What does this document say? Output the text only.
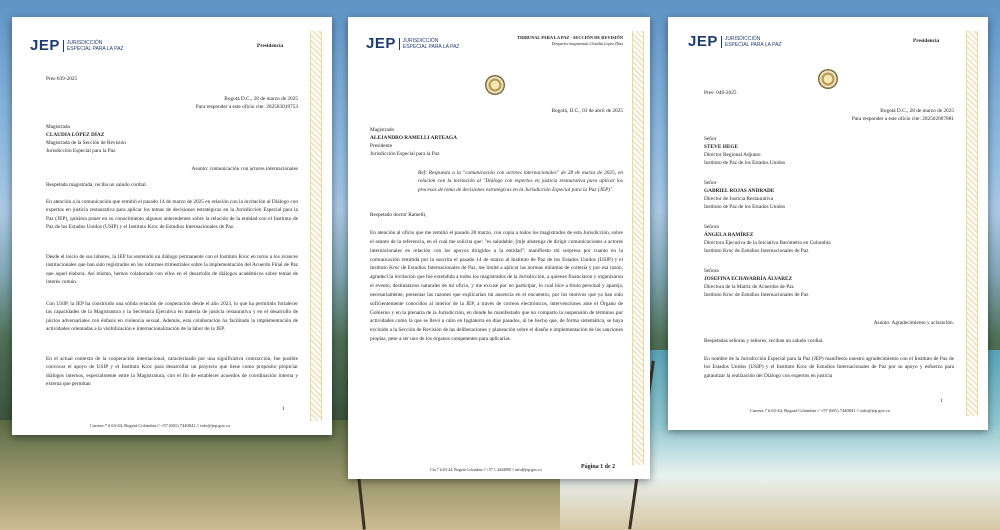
JEP	JURISDICCIÓN
ESPECIAL PARA LA PAZ	Presidencia
Pres-039-2025
Bogotá D.C., 28 de marzo de 2025
Para responder a este oficio cite: 202503018753
Magistrada
CLAUDIA LÓPEZ DÍAZ
Magistrada de la Sección de Revisión
Jurisdicción Especial para la Paz
Asunto: comunicación con actores internacionales
Respetada magistrada, reciba un saludo cordial.
En atención a la comunicación que remitió el pasado 14 de marzo de 2025 en relación con la invitación al Diálogo con expertos en justicia restaurativa para aplicar los temas de decisiones estratégicas en la Jurisdicción Especial para la Paz (JEP), quisiera poner en su conocimiento algunos antecedentes sobre la relación de la entidad con el Instituto de Paz de los Estados Unidos (USIP) y el Instituto Kroc de Estudios Internacionales de Paz.
Desde el inicio de sus labores, la JEP ha sostenido un diálogo permanente con el Instituto Kroc en torno a los avances institucionales que han sido registrados en los informes trimestrales sobre la implementación del Acuerdo Final de Paz que aquel elabora. Así mismo, hemos colaborado con ellos en el desarrollo de diálogos académicos sobre temas de interés común.
Con USIP, la JEP ha construido una sólida relación de cooperación desde el año 2023, lo que ha permitido fortalecer las capacidades de la Magistratura y la Secretaría Ejecutiva en materia de justicia restaurativa y en el desarrollo de juicios adversariales con énfasis en violencia sexual. Además, esta colaboración ha facilitado la implementación de actividades orientadas a la visibilización e internacionalización de la labor de la JEP.
En el actual contexto de la cooperación internacional, caracterizado por una significativa contracción, fue posible convocar el apoyo de USIP y el Instituto Kroc para desarrollar un proyecto que tiene como propósito propiciar diálogos internos, especialmente entre la Magistratura, con el fin de establecer acuerdos de coordinación interna y externa que permitan
1
Carrera 7 # 63-44, Bogotá Colombia // +57 (601) 7440041 // info@jep.gov.co
JEP	JURISDICCIÓN
ESPECIAL PARA LA PAZ
TRIBUNAL PARA LA PAZ - SECCIÓN DE REVISIÓN
Despacho magistrada Claudia López Díaz
Bogotá, D.C., 03 de abril de 2025
Magistrado
ALEJANDRO RAMELLI ARTEAGA
Presidente
Jurisdicción Especial para la Paz
Ref: Respuesta a la "comunicación con actores internacionales" de 28 de marzo de 2025, en relación con la invitación al "Diálogo con expertos en justicia restaurativa para aplicar los procesos de toma de decisiones estratégicas en la Jurisdicción Especial para la Paz (JEP)".
Respetado doctor Ramelli,
En atención al oficio que me remitió el pasado 28 marzo, con copia a todos los magistrados de esta Jurisdicción, sobre el asunto de la referencia, en el cual me solicita que: "es saludable, [m]e abstenga de dirigir comunicaciones a actores internacionales en relación con los apoyos dirigidos a la entidad"; manifiesto mi sorpresa por cuanto en la comunicación remitida por la suscrita el pasado 14 de marzo al Instituto de Paz de los Estados Unidos (USIP) y el Instituto Kroc de Estudios Internacionales de Paz, me limité a aplicar las normas mínimas de cortesía y por esa razón, agradecí la invitación que fue extendida a todos los magistrados de la Jurisdicción, a quienes financiaron y organizaron el evento, destinatarios naturales de mi oficio, y me excusé por no participar, lo cual hice a título personal y apareja, necesariamente, presentar las razones que explicarían mi ausencia en el encuentro, por los motivos que ya han sido suficientemente conocidos al interior de la JEP, a través de correos electrónicos, intervenciones ante el Órgano de Gobierno y en la plenaria de la Jurisdicción, en donde he manifestado que no comparto la suspensión de términos por actividades como la que se llevó a cabo en Inglaterra en días pasados, ni he hecho que, de forma sistemática, se haya excluido a la Sección de Revisión de las deliberaciones y planeación sobre el diseño e implementación de las sanciones propias, pese a ser uno de los órganos competentes para aplicarlas.
Cra 7 # 63-44, Bogotá Colombia // +57 1 4444900 // info@jep.gov.co	Página 1 de 2
JEP	JURISDICCIÓN
ESPECIAL PARA LA PAZ
Presidencia
Bogotá D.C., 28 de marzo de 2025
Pres- 040-2025
Para responder a este oficio cite: 202502007881
Señor
STEVE HEGE
Director Regional Adjunto
Instituto de Paz de los Estados Unidos
Señor
GABRIEL ROJAS ANDRADE
Director de Justicia Restaurativa
Instituto de Paz de los Estados Unidos
Señora
ÁNGELA RAMÍREZ
Directora Ejecutiva de la Iniciativa Barómetro en Colombia
Instituto Kroc de Estudios Internacionales de Paz
Señora
JOSEFINA ECHAVARRÍA ÁLVAREZ
Directora de la Matriz de Acuerdos de Paz
Instituto Kroc de Estudios Internacionales de Paz
Asunto: Agradecimiento y aclaración.
Respetadas señoras y señores, reciban un saludo cordial.
En nombre de la Jurisdicción Especial para la Paz (JEP) manifiesto nuestro agradecimiento con el Instituto de Paz de los Estados Unidos (USIP) y el Instituto Kroc de Estudios Internacionales de Paz por su apoyo y esfuerzo para garantizar la realización del Diálogo con expertos en justicia
1
Carrera 7 # 63-44, Bogotá Colombia // +57 (601) 7440041 // info@jep.gov.co
